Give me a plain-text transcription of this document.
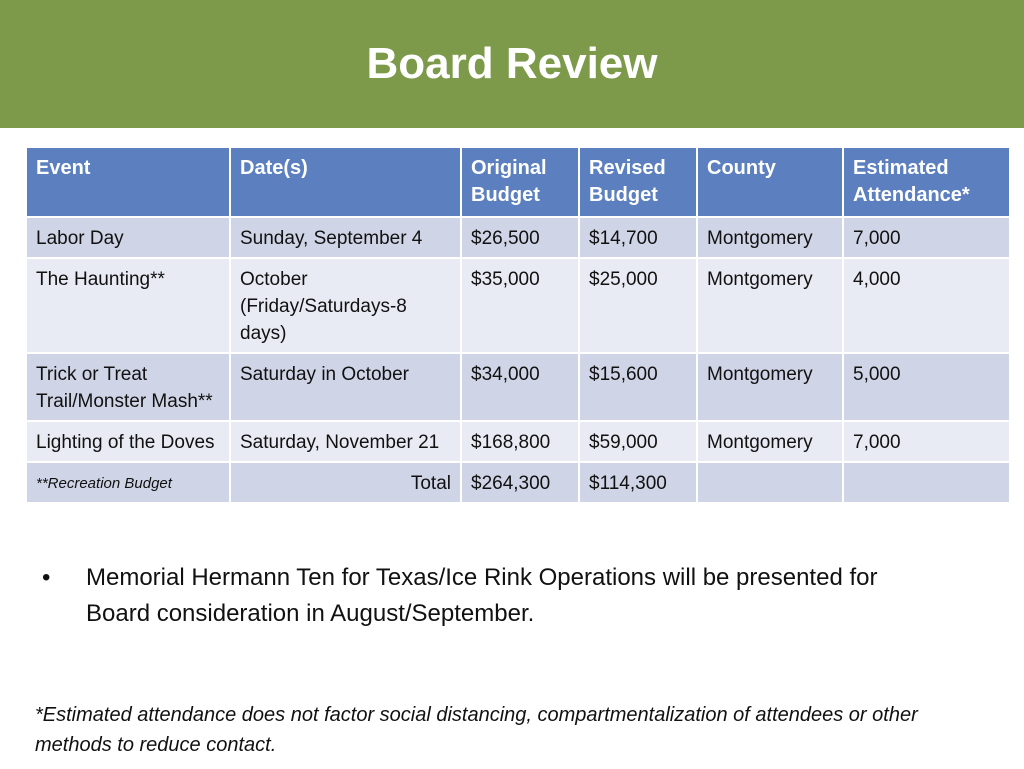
Board Review
Event	Date(s)	Original Budget	Revised Budget	County	Estimated Attendance*
Labor Day	Sunday, September 4	$26,500	$14,700	Montgomery	7,000
The Haunting**	October (Friday/Saturdays-8 days)	$35,000	$25,000	Montgomery	4,000
Trick or Treat Trail/Monster Mash**	Saturday in October	$34,000	$15,600	Montgomery	5,000
Lighting of the Doves	Saturday, November 21	$168,800	$59,000	Montgomery	7,000
**Recreation Budget	Total	$264,300	$114,300		
•	Memorial Hermann Ten for Texas/Ice Rink Operations will be presented for Board consideration in August/September.
*Estimated attendance does not factor social distancing, compartmentalization of attendees or other methods to reduce contact.
